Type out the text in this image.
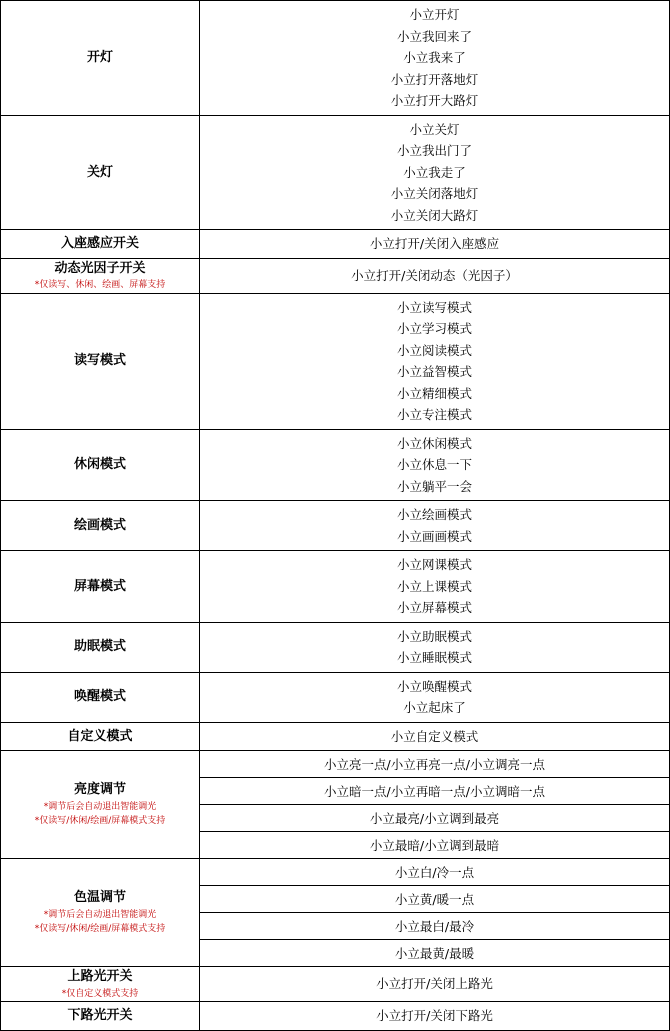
开灯

小立开灯
小立我回来了
小立我来了
小立打开落地灯
小立打开大路灯

关灯

小立关灯
小立我出门了
小立我走了
小立关闭落地灯
小立关闭大路灯

入座感应开关	小立打开/关闭入座感应

动态光因子开关
*仅读写、休闲、绘画、屏幕支持

小立打开/关闭动态（光因子）

读写模式

小立读写模式
小立学习模式
小立阅读模式
小立益智模式
小立精细模式
小立专注模式

休闲模式

小立休闲模式
小立休息一下
小立躺平一会

绘画模式

小立绘画模式
小立画画模式

屏幕模式

小立网课模式
小立上课模式
小立屏幕模式

助眠模式

小立助眠模式
小立睡眠模式

唤醒模式

小立唤醒模式
小立起床了

自定义模式	小立自定义模式

亮度调节
*调节后会自动退出智能调光
*仅读写/休闲/绘画/屏幕模式支持

小立亮一点/小立再亮一点/小立调亮一点
小立暗一点/小立再暗一点/小立调暗一点
小立最亮/小立调到最亮
小立最暗/小立调到最暗

色温调节
*调节后会自动退出智能调光
*仅读写/休闲/绘画/屏幕模式支持

小立白/冷一点
小立黄/暖一点
小立最白/最冷
小立最黄/最暖

上路光开关
*仅自定义模式支持

小立打开/关闭上路光

下路光开关	小立打开/关闭下路光
